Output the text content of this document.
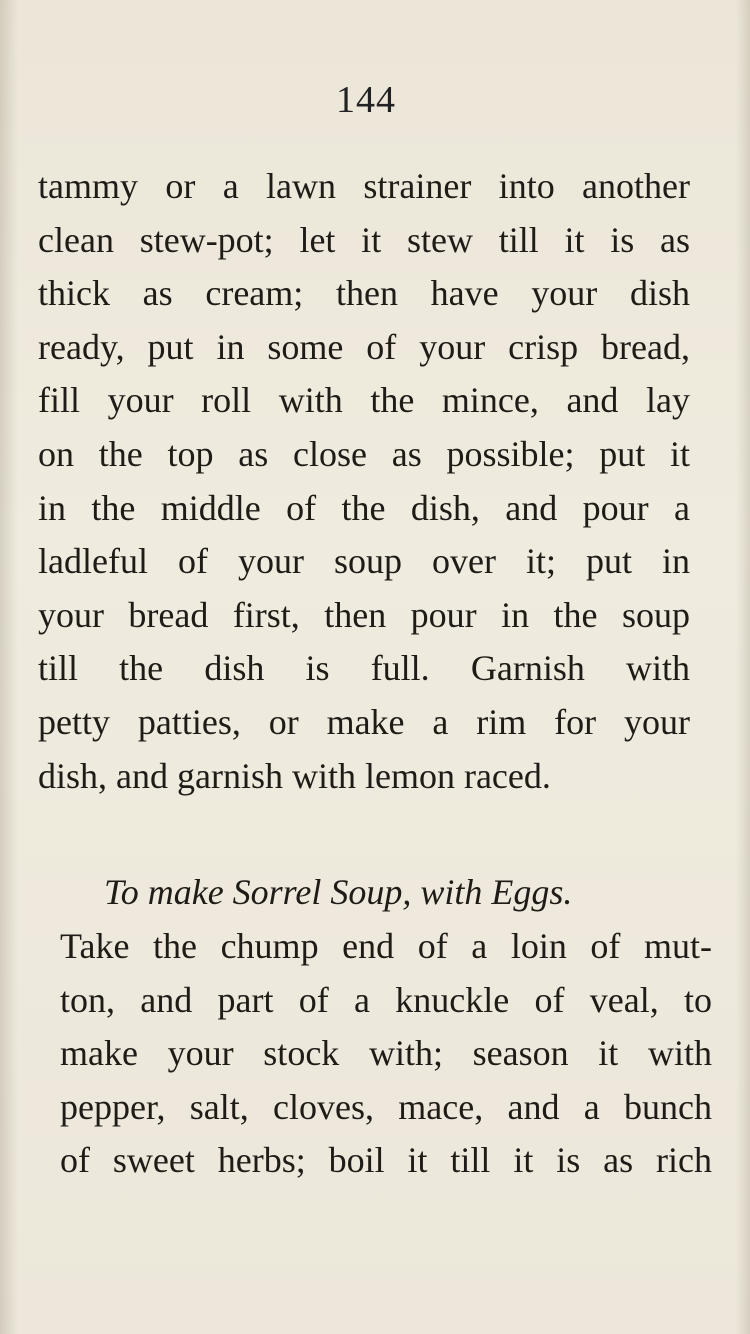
144
tammy or a lawn strainer into another
clean stew-pot; let it stew till it is as
thick as cream; then have your dish
ready, put in some of your crisp bread,
fill your roll with the mince, and lay
on the top as close as possible; put it
in the middle of the dish, and pour a
ladleful of your soup over it; put in
your bread first, then pour in the soup
till the dish is full. Garnish with
petty patties, or make a rim for your
dish, and garnish with lemon raced.
To make Sorrel Soup, with Eggs.
Take the chump end of a loin of mut-
ton, and part of a knuckle of veal, to
make your stock with; season it with
pepper, salt, cloves, mace, and a bunch
of sweet herbs; boil it till it is as rich
